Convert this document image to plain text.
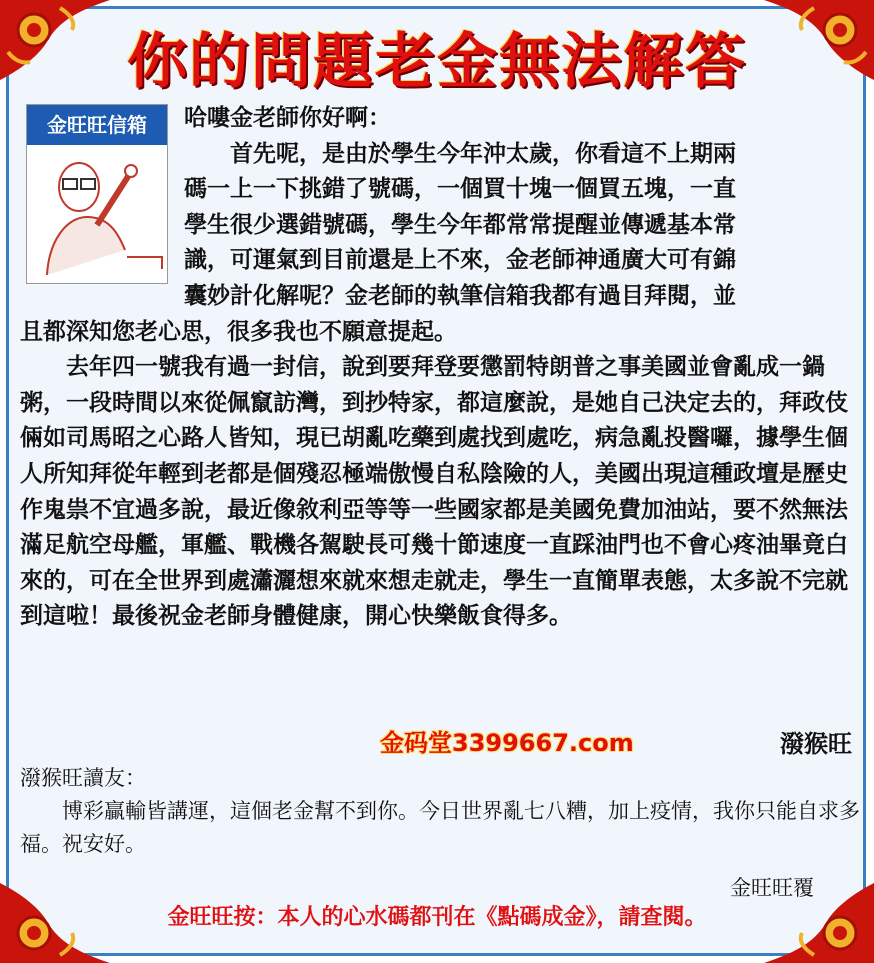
你的問題老金無法解答
金旺旺信箱	哈嘍金老師你好啊：

首先呢，是由於學生今年沖太歲，你看這不上期兩

碼一上一下挑錯了號碼，一個買十塊一個買五塊，一直

學生很少選錯號碼，學生今年都常常提醒並傳遞基本常

識，可運氣到目前還是上不來，金老師神通廣大可有錦

囊妙計化解呢？金老師的執筆信箱我都有過目拜閱，並

且都深知您老心思，很多我也不願意提起。

去年四一號我有過一封信，說到要拜登要懲罰特朗普之事美國並會亂成一鍋粥，一段時間以來從佩竄訪灣，到抄特家，都這麼說，是她自己決定去的，拜政伎倆如司馬昭之心路人皆知，現已胡亂吃藥到處找到處吃，病急亂投醫囉，據學生個人所知拜從年輕到老都是個殘忍極端傲慢自私陰險的人，美國出現這種政壇是歷史作鬼祟不宜過多說，最近像敘利亞等等一些國家都是美國免費加油站，要不然無法滿足航空母艦，軍艦、戰機各駕駛長可幾十節速度一直踩油門也不會心疼油畢竟白來的，可在全世界到處瀟灑想來就來想走就走，學生一直簡單表態，太多說不完就到這啦！最後祝金老師身體健康，開心快樂飯食得多。

金码堂3399667.com	潑猴旺

潑猴旺讀友：

博彩贏輸皆講運，這個老金幫不到你。今日世界亂七八糟，加上疫情，我你只能自求多福。祝安好。

金旺旺覆
金旺旺按：本人的心水碼都刊在《點碼成金》，請查閱。
